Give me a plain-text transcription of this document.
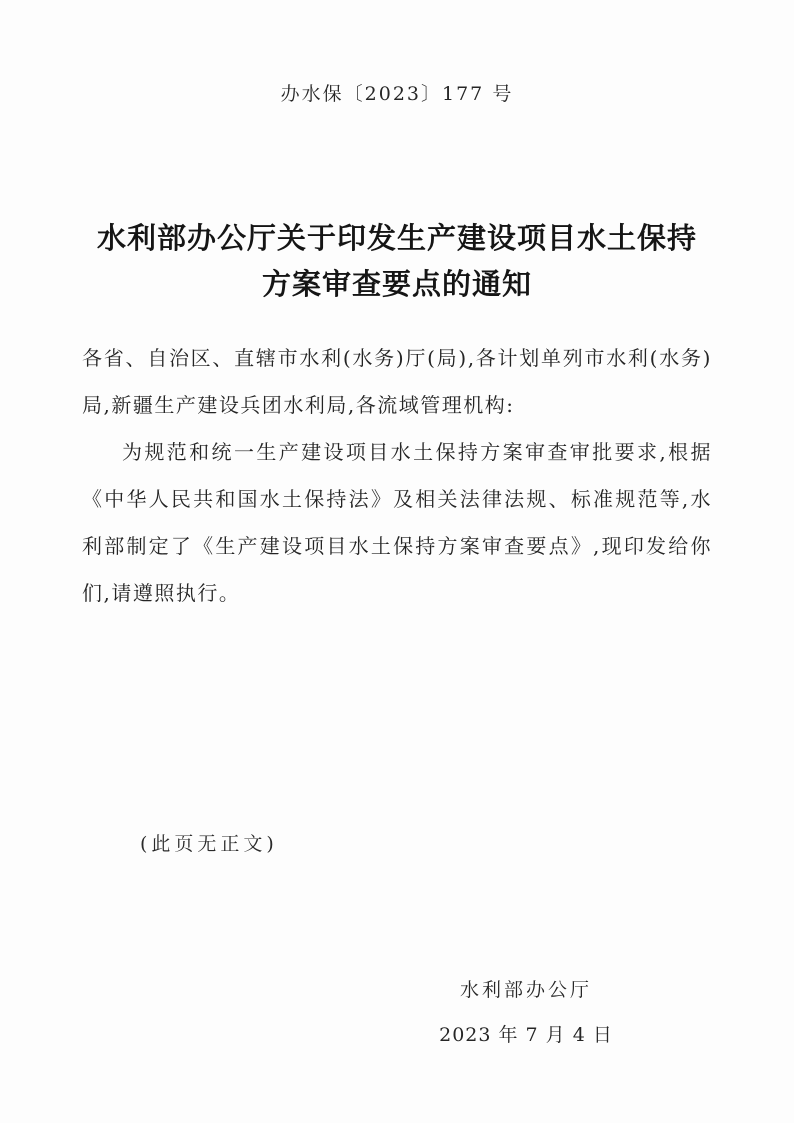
办水保〔2023〕177 号
水利部办公厅关于印发生产建设项目水土保持
方案审查要点的通知

各省、自治区、直辖市水利(水务)厅(局),各计划单列市水利(水务)局,新疆生产建设兵团水利局,各流域管理机构:

为规范和统一生产建设项目水土保持方案审查审批要求,根据《中华人民共和国水土保持法》及相关法律法规、标准规范等,水利部制定了《生产建设项目水土保持方案审查要点》,现印发给你们,请遵照执行。

(此页无正文)
水利部办公厅
2023 年 7 月 4 日
